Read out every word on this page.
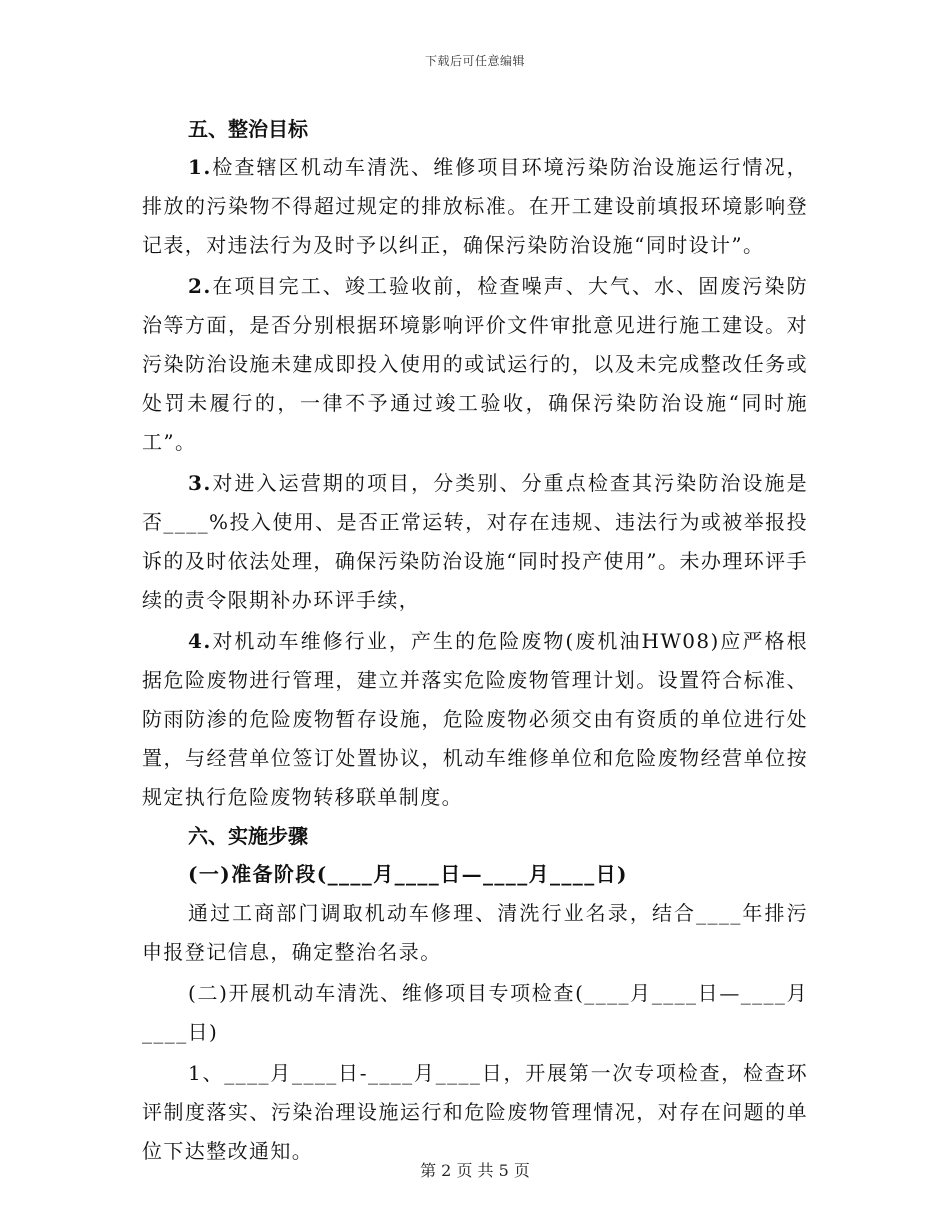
下载后可任意编辑
五、整治目标

1.检查辖区机动车清洗、维修项目环境污染防治设施运行情况，排放的污染物不得超过规定的排放标准。在开工建设前填报环境影响登记表，对违法行为及时予以纠正，确保污染防治设施“同时设计”。

2.在项目完工、竣工验收前，检查噪声、大气、水、固废污染防治等方面，是否分别根据环境影响评价文件审批意见进行施工建设。对污染防治设施未建成即投入使用的或试运行的，以及未完成整改任务或处罚未履行的，一律不予通过竣工验收，确保污染防治设施“同时施工”。

3.对进入运营期的项目，分类别、分重点检查其污染防治设施是否____%投入使用、是否正常运转，对存在违规、违法行为或被举报投诉的及时依法处理，确保污染防治设施“同时投产使用”。未办理环评手续的责令限期补办环评手续，

4.对机动车维修行业，产生的危险废物(废机油HW08)应严格根据危险废物进行管理，建立并落实危险废物管理计划。设置符合标准、防雨防渗的危险废物暂存设施，危险废物必须交由有资质的单位进行处置，与经营单位签订处置协议，机动车维修单位和危险废物经营单位按规定执行危险废物转移联单制度。

六、实施步骤

(一)准备阶段(____月____日—____月____日)

通过工商部门调取机动车修理、清洗行业名录，结合____年排污申报登记信息，确定整治名录。

(二)开展机动车清洗、维修项目专项检查(____月____日—____月____日)

1、____月____日-____月____日，开展第一次专项检查，检查环评制度落实、污染治理设施运行和危险废物管理情况，对存在问题的单位下达整改通知。

第 2 页 共 5 页
